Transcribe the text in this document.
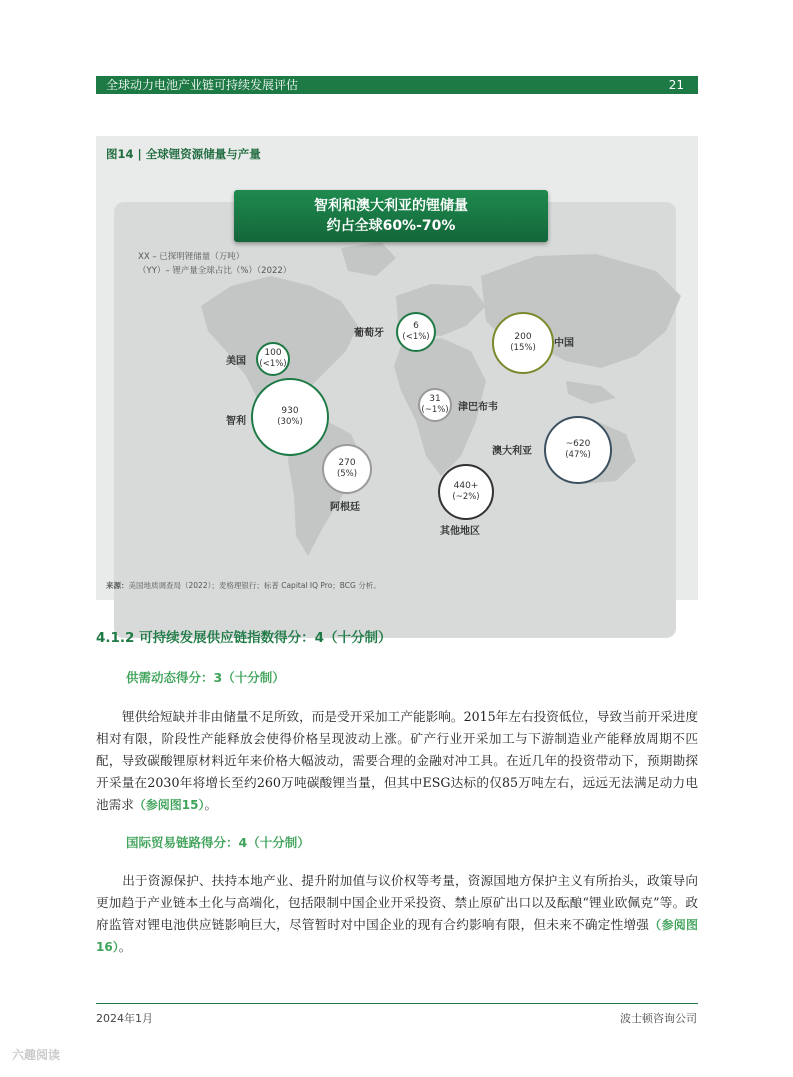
全球动力电池产业链可持续发展评估	21
图14 | 全球锂资源储量与产量
智利和澳大利亚的锂储量
约占全球60%-70%
XX – 已探明锂储量（万吨）
（YY）– 锂产量全球占比（%）（2022）
美国
100
(<1%)
智利
930
(30%)
270
(5%)
阿根廷
葡萄牙
6
(<1%)
31
(~1%) 津巴布韦
440+
(~2%)
其他地区
200
(15%) 中国
澳大利亚
~620
(47%)
来源：美国地质调查局（2022）；麦格理银行；标普 Capital IQ Pro；BCG 分析。
4.1.2 可持续发展供应链指数得分：4（十分制）
供需动态得分：3（十分制）
锂供给短缺并非由储量不足所致，而是受开采加工产能影响。2015年左右投资低位，导致当前开采进度相对有限，阶段性产能释放会使得价格呈现波动上涨。矿产行业开采加工与下游制造业产能释放周期不匹配，导致碳酸锂原材料近年来价格大幅波动，需要合理的金融对冲工具。在近几年的投资带动下，预期勘探开采量在2030年将增长至约260万吨碳酸锂当量，但其中ESG达标的仅85万吨左右，远远无法满足动力电池需求（参阅图15）。
国际贸易链路得分：4（十分制）
出于资源保护、扶持本地产业、提升附加值与议价权等考量，资源国地方保护主义有所抬头，政策导向更加趋于产业链本土化与高端化，包括限制中国企业开采投资、禁止原矿出口以及酝酿“锂业欧佩克”等。政府监管对锂电池供应链影响巨大，尽管暂时对中国企业的现有合约影响有限，但未来不确定性增强（参阅图16）。
2024年1月	波士顿咨询公司
六趣阅读
